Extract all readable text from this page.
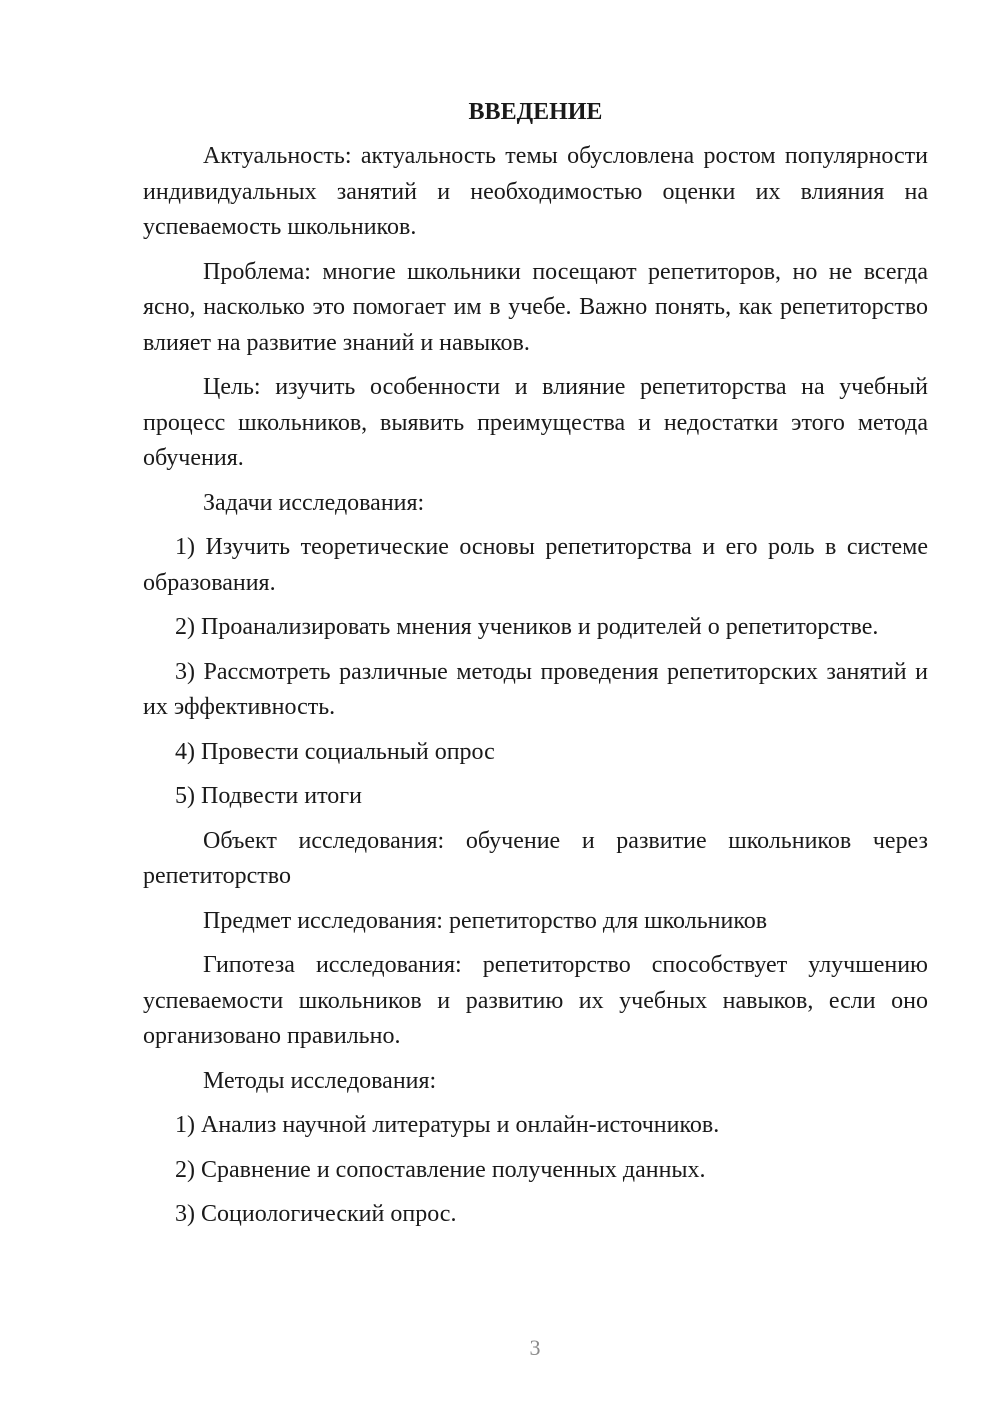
ВВЕДЕНИЕ

Актуальность: актуальность темы обусловлена ростом популярности индивидуальных занятий и необходимостью оценки их влияния на успеваемость школьников.

Проблема: многие школьники посещают репетиторов, но не всегда ясно, насколько это помогает им в учебе. Важно понять, как репетиторство влияет на развитие знаний и навыков.

Цель: изучить особенности и влияние репетиторства на учебный процесс школьников, выявить преимущества и недостатки этого метода обучения.

Задачи исследования:

1) Изучить теоретические основы репетиторства и его роль в системе образования.

2) Проанализировать мнения учеников и родителей о репетиторстве.

3) Рассмотреть различные методы проведения репетиторских занятий и их эффективность.

4) Провести социальный опрос

5) Подвести итоги

Объект исследования: обучение и развитие школьников через репетиторство

Предмет исследования: репетиторство для школьников

Гипотеза исследования: репетиторство способствует улучшению успеваемости школьников и развитию их учебных навыков, если оно организовано правильно.

Методы исследования:

1) Анализ научной литературы и онлайн-источников.

2) Сравнение и сопоставление полученных данных.

3) Социологический опрос.

3
